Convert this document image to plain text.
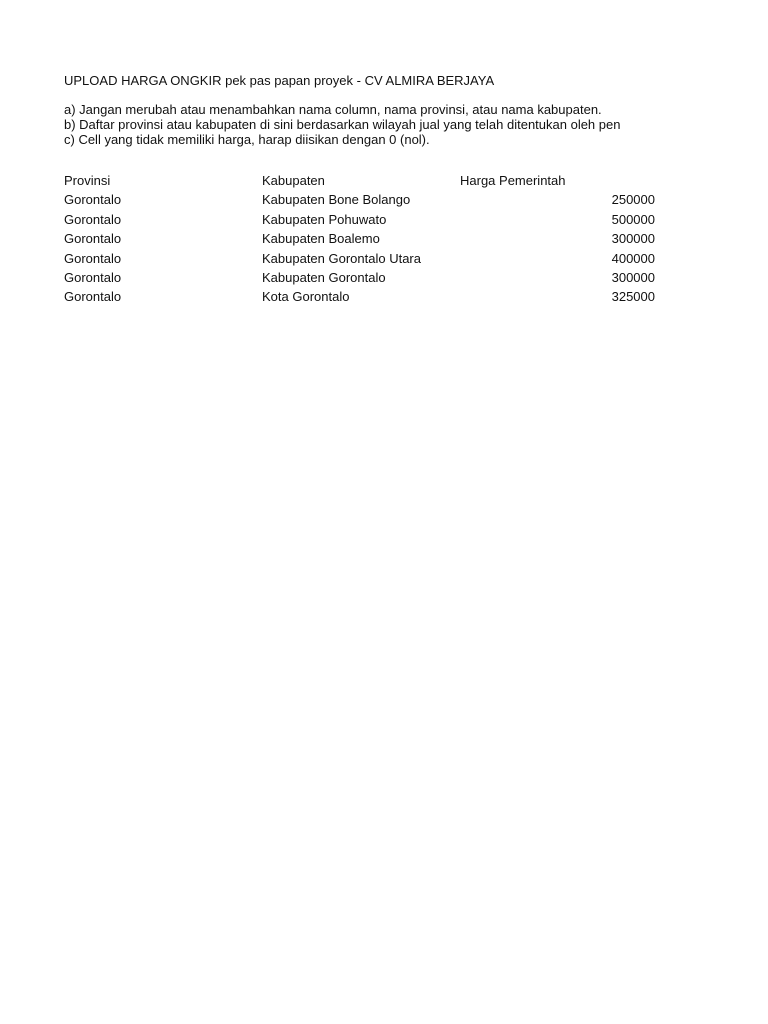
UPLOAD HARGA ONGKIR pek pas papan proyek - CV ALMIRA BERJAYA
a) Jangan merubah atau menambahkan nama column, nama provinsi, atau nama kabupaten.
b) Daftar provinsi atau kabupaten di sini berdasarkan wilayah jual yang telah ditentukan oleh pen
c) Cell yang tidak memiliki harga, harap diisikan dengan 0 (nol).
Provinsi	Kabupaten	Harga Pemerintah
Gorontalo	Kabupaten Bone Bolango	250000
Gorontalo	Kabupaten Pohuwato	500000
Gorontalo	Kabupaten Boalemo	300000
Gorontalo	Kabupaten Gorontalo Utara	400000
Gorontalo	Kabupaten Gorontalo	300000
Gorontalo	Kota Gorontalo	325000
